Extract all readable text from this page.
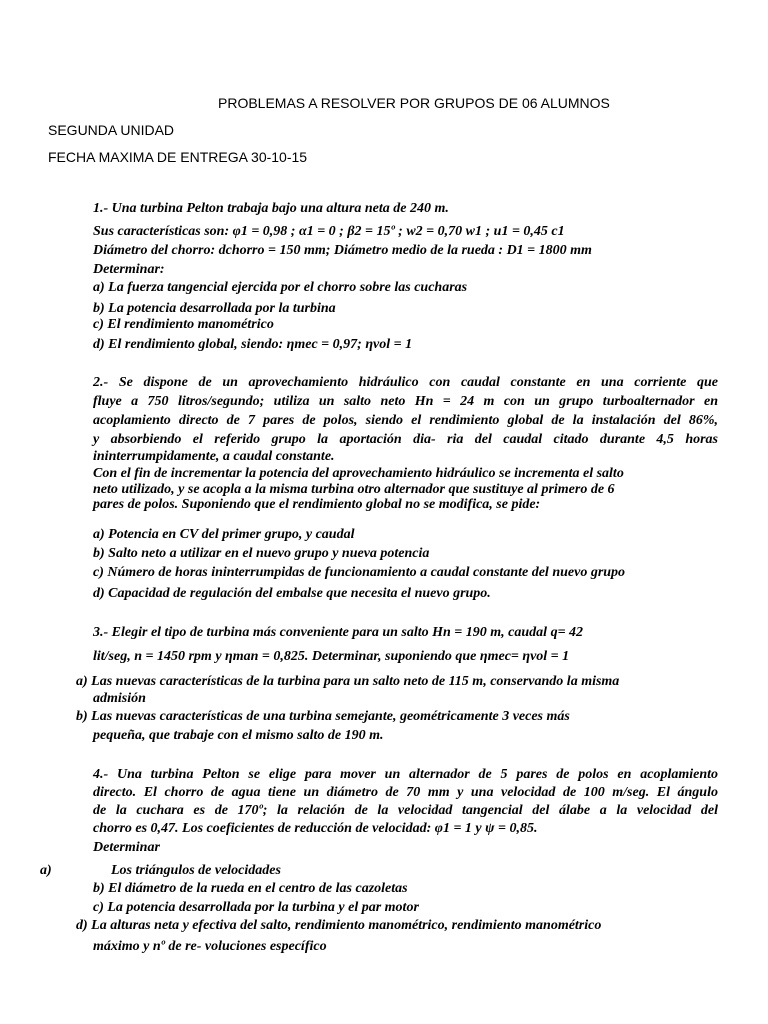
PROBLEMAS A RESOLVER POR GRUPOS DE 06 ALUMNOS
SEGUNDA UNIDAD
FECHA MAXIMA DE ENTREGA 30-10-15
1.- Una turbina Pelton trabaja bajo una altura neta de 240 m.
Sus características son: φ1 = 0,98 ; α1 = 0 ; β2 = 15º ; w2 = 0,70 w1 ; u1 = 0,45 c1
Diámetro del chorro: dchorro = 150 mm; Diámetro medio de la rueda : D1 = 1800 mm
Determinar:
a) La fuerza tangencial ejercida por el chorro sobre las cucharas
b) La potencia desarrollada por la turbina
c) El rendimiento manométrico
d) El rendimiento global, siendo: ηmec = 0,97; ηvol = 1
2.- Se dispone de un aprovechamiento hidráulico con caudal constante en una corriente que
fluye a 750 litros/segundo; utiliza un salto neto Hn = 24 m con un grupo turboalternador en
acoplamiento directo de 7 pares de polos, siendo el rendimiento global de la instalación del 86%,
y absorbiendo el referido grupo la aportación dia- ria del caudal citado durante 4,5 horas
ininterrumpidamente, a caudal constante.
Con el fin de incrementar la potencia del aprovechamiento hidráulico se incrementa el salto
neto utilizado, y se acopla a la misma turbina otro alternador que sustituye al primero de 6
pares de polos. Suponiendo que el rendimiento global no se modifica, se pide:
a) Potencia en CV del primer grupo, y caudal
b) Salto neto a utilizar en el nuevo grupo y nueva potencia
c) Número de horas ininterrumpidas de funcionamiento a caudal constante del nuevo grupo
d) Capacidad de regulación del embalse que necesita el nuevo grupo.
3.- Elegir el tipo de turbina más conveniente para un salto Hn = 190 m, caudal q= 42
lit/seg, n = 1450 rpm y ηman = 0,825. Determinar, suponiendo que ηmec= ηvol = 1
a) Las nuevas características de la turbina para un salto neto de 115 m, conservando la misma
admisión
b) Las nuevas características de una turbina semejante, geométricamente 3 veces más
pequeña, que trabaje con el mismo salto de 190 m.
4.- Una turbina Pelton se elige para mover un alternador de 5 pares de polos en acoplamiento
directo. El chorro de agua tiene un diámetro de 70 mm y una velocidad de 100 m/seg. El ángulo
de la cuchara es de 170º; la relación de la velocidad tangencial del álabe a la velocidad del
chorro es 0,47. Los coeficientes de reducción de velocidad: φ1 = 1 y ψ = 0,85.
Determinar
a)	Los triángulos de velocidades
b) El diámetro de la rueda en el centro de las cazoletas
c) La potencia desarrollada por la turbina y el par motor
d) La alturas neta y efectiva del salto, rendimiento manométrico, rendimiento manométrico
máximo y nº de re- voluciones específico
